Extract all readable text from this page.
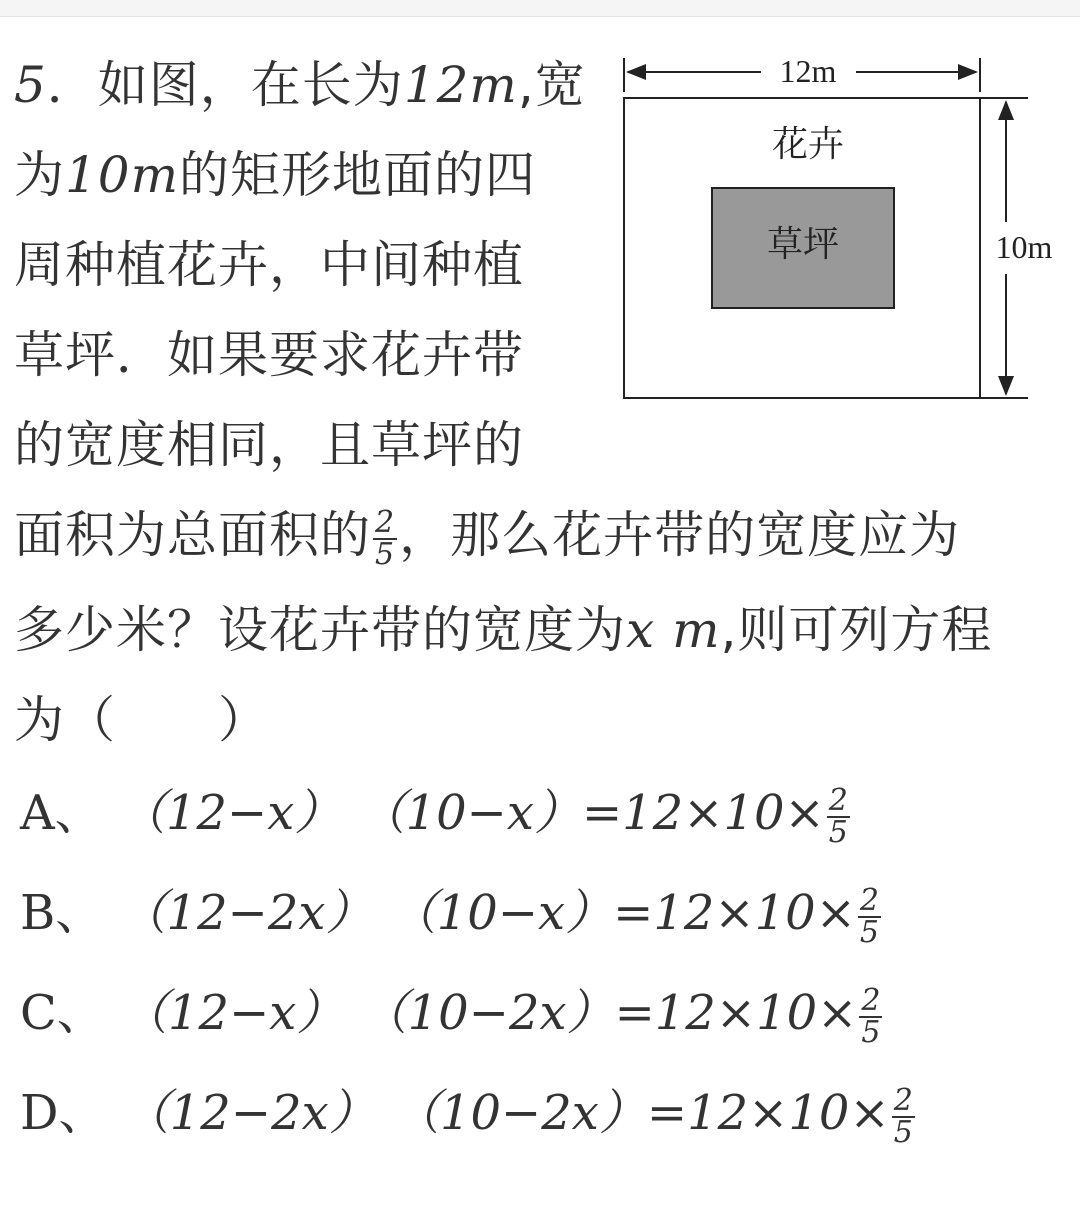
5．如图，在长为12m,宽
为10m的矩形地面的四
周种植花卉，中间种植
草坪．如果要求花卉带
的宽度相同，且草坪的
面积为总面积的 $\frac{2}{5}$ ，那么花卉带的宽度应为
多少米？设花卉带的宽度为x m,则可列方程
为（　　）
12m
花卉
草坪	10m
A、 （12−x） $(10-x)=12\times 10\times \frac{2}{5}$
B、 （12−2x） $(10-x)=12\times 10\times \frac{2}{5}$
C、 （12−x） $(10-2x)=12\times 10\times \frac{2}{5}$
D、 （12−2x） $(10-2x)=12\times 10\times \frac{2}{5}$
